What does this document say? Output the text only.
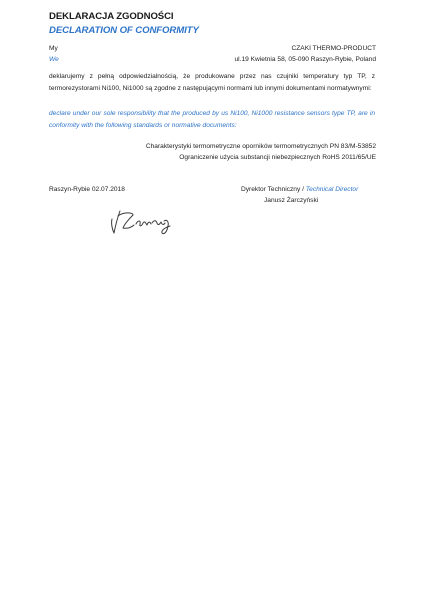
DEKLARACJA ZGODNOŚCI
DECLARATION OF CONFORMITY
My
We
CZAKI THERMO-PRODUCT
ul.19 Kwietnia 58, 05-090 Raszyn-Rybie, Poland

deklarujemy z pełną odpowiedzialnością, że produkowane przez nas czujniki temperatury typ TP, z termorezystorami Ni100, Ni1000 są zgodne z następującymi normami lub innymi dokumentami normatywnymi:

declare under our sole responsibility that the produced by us Ni100, Ni1000 resistance sensors type TP, are in conformity with the following standards or normative documents:

Charakterystyki termometryczne oporników termometrycznych PN 83/M-53852
Ograniczenie użycia substancji niebezpiecznych RoHS 2011/65/UE
Raszyn-Rybie 02.07.2018	Dyrektor Techniczny / Technical Director
Janusz Żarczyński
